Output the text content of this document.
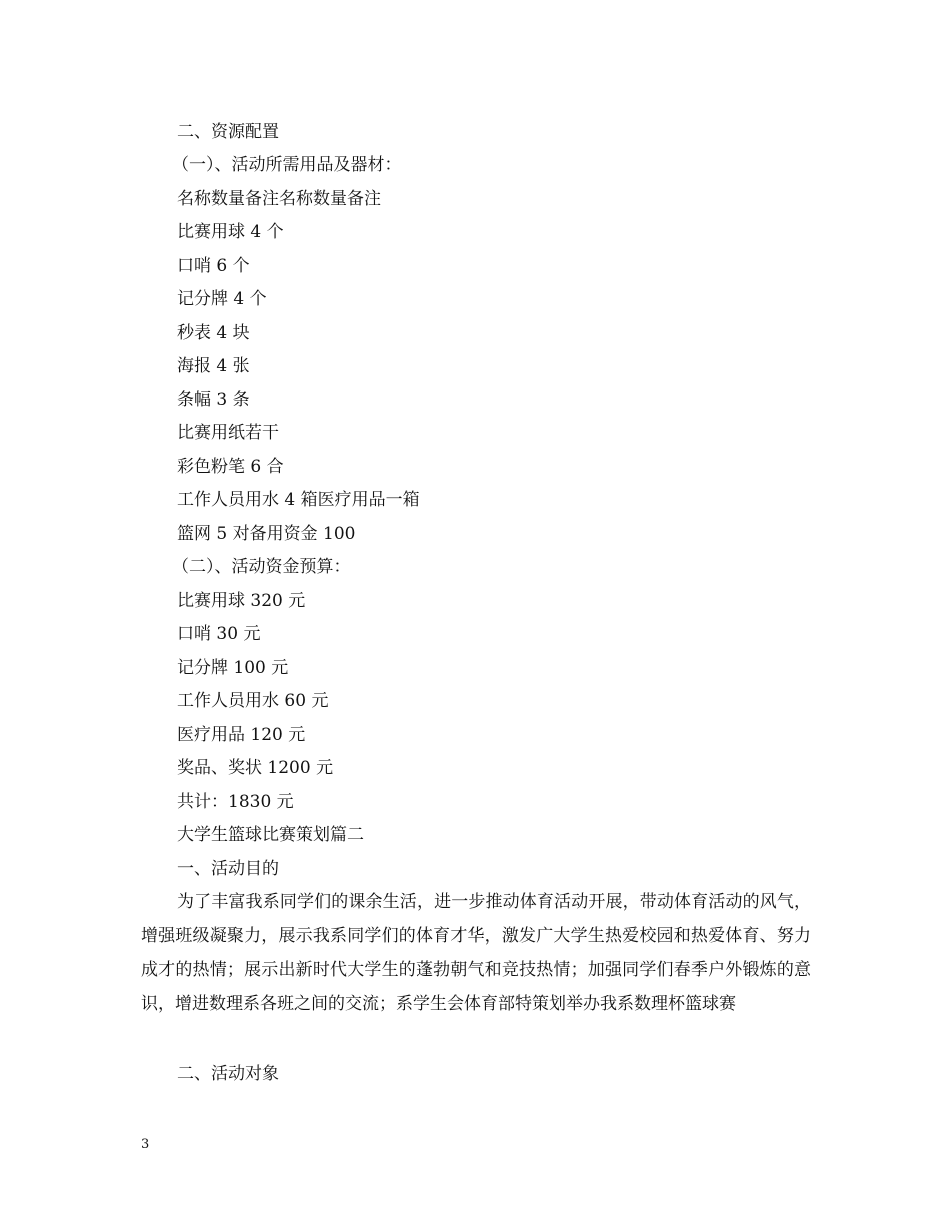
二、资源配置
（一）、活动所需用品及器材：
名称数量备注名称数量备注
比赛用球 4 个
口哨 6 个
记分牌 4 个
秒表 4 块
海报 4 张
条幅 3 条
比赛用纸若干
彩色粉笔 6 合
工作人员用水 4 箱医疗用品一箱
篮网 5 对备用资金 100
（二）、活动资金预算：
比赛用球 320 元
口哨 30 元
记分牌 100 元
工作人员用水 60 元
医疗用品 120 元
奖品、奖状 1200 元
共计：1830 元
大学生篮球比赛策划篇二
一、活动目的
为了丰富我系同学们的课余生活，进一步推动体育活动开展，带动体育活动的风气，增强班级凝聚力，展示我系同学们的体育才华，激发广大学生热爱校园和热爱体育、努力成才的热情；展示出新时代大学生的蓬勃朝气和竞技热情；加强同学们春季户外锻炼的意识，增进数理系各班之间的交流；系学生会体育部特策划举办我系数理杯篮球赛
二、活动对象
3
